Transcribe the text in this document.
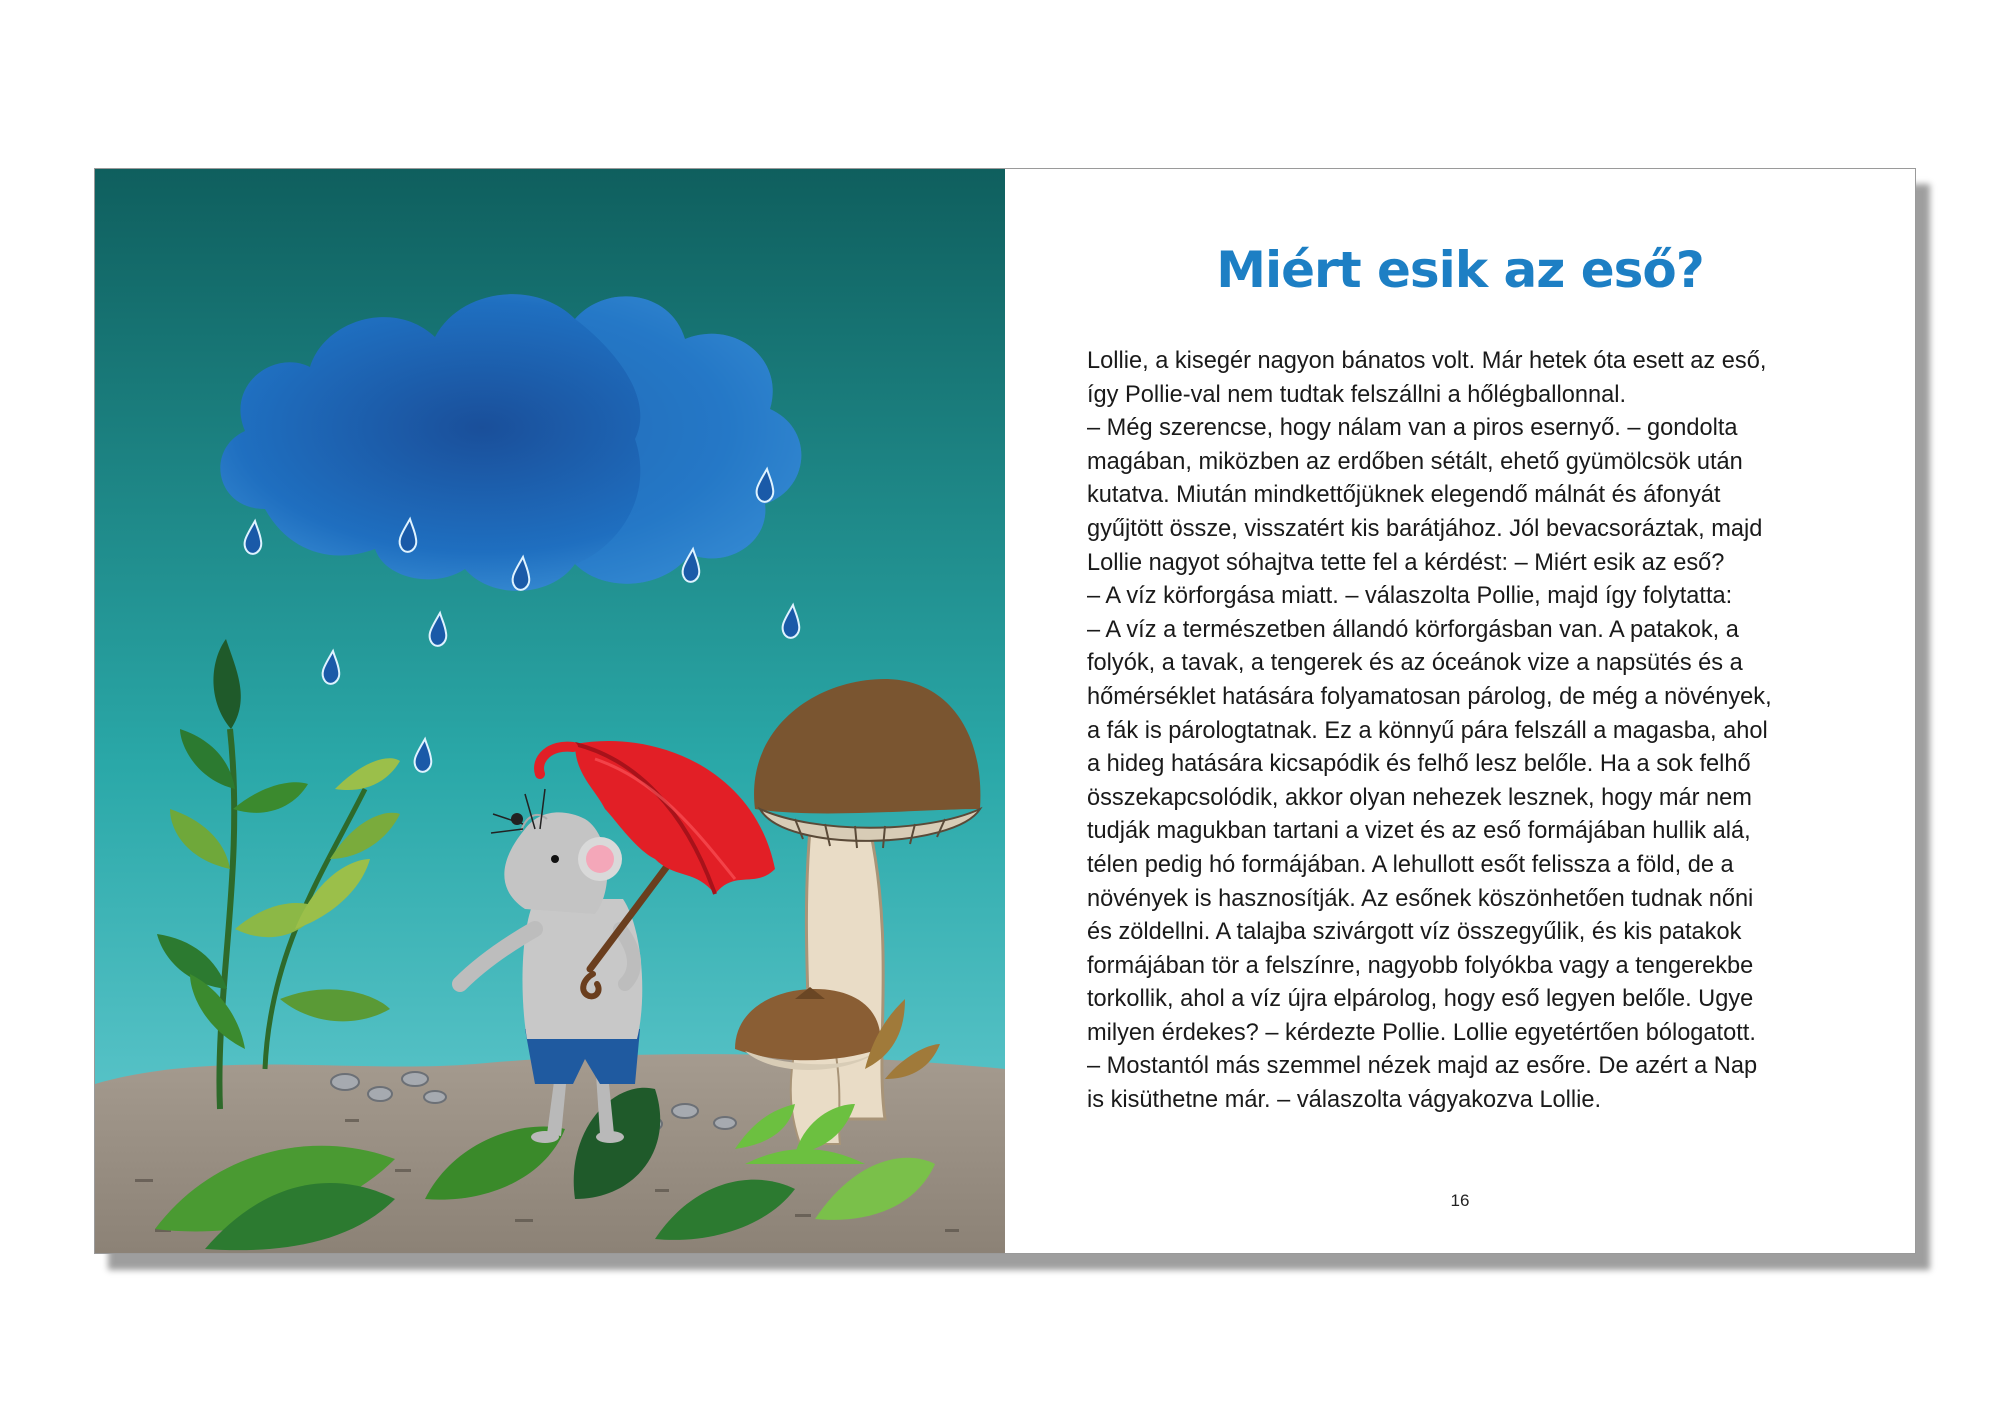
Miért esik az eső?

Lollie, a kisegér nagyon bánatos volt. Már hetek óta esett az eső,

így Pollie-val nem tudtak felszállni a hőlégballonnal.

– Még szerencse, hogy nálam van a piros esernyő. – gondolta

magában, miközben az erdőben sétált, ehető gyümölcsök után

kutatva. Miután mindkettőjüknek elegendő málnát és áfonyát

gyűjtött össze, visszatért kis barátjához. Jól bevacsoráztak, majd

Lollie nagyot sóhajtva tette fel a kérdést: – Miért esik az eső?

– A víz körforgása miatt. – válaszolta Pollie, majd így folytatta:

– A víz a természetben állandó körforgásban van. A patakok, a

folyók, a tavak, a tengerek és az óceánok vize a napsütés és a

hőmérséklet hatására folyamatosan párolog, de még a növények,

a fák is párologtatnak. Ez a könnyű pára felszáll a magasba, ahol

a hideg hatására kicsapódik és felhő lesz belőle. Ha a sok felhő

összekapcsolódik, akkor olyan nehezek lesznek, hogy már nem

tudják magukban tartani a vizet és az eső formájában hullik alá,

télen pedig hó formájában. A lehullott esőt felissza a föld, de a

növények is hasznosítják. Az esőnek köszönhetően tudnak nőni

és zöldellni. A talajba szivárgott víz összegyűlik, és kis patakok

formájában tör a felszínre, nagyobb folyókba vagy a tengerekbe

torkollik, ahol a víz újra elpárolog, hogy eső legyen belőle. Ugye

milyen érdekes? – kérdezte Pollie. Lollie egyetértően bólogatott.

– Mostantól más szemmel nézek majd az esőre. De azért a Nap

is kisüthetne már. – válaszolta vágyakozva Lollie.

16
